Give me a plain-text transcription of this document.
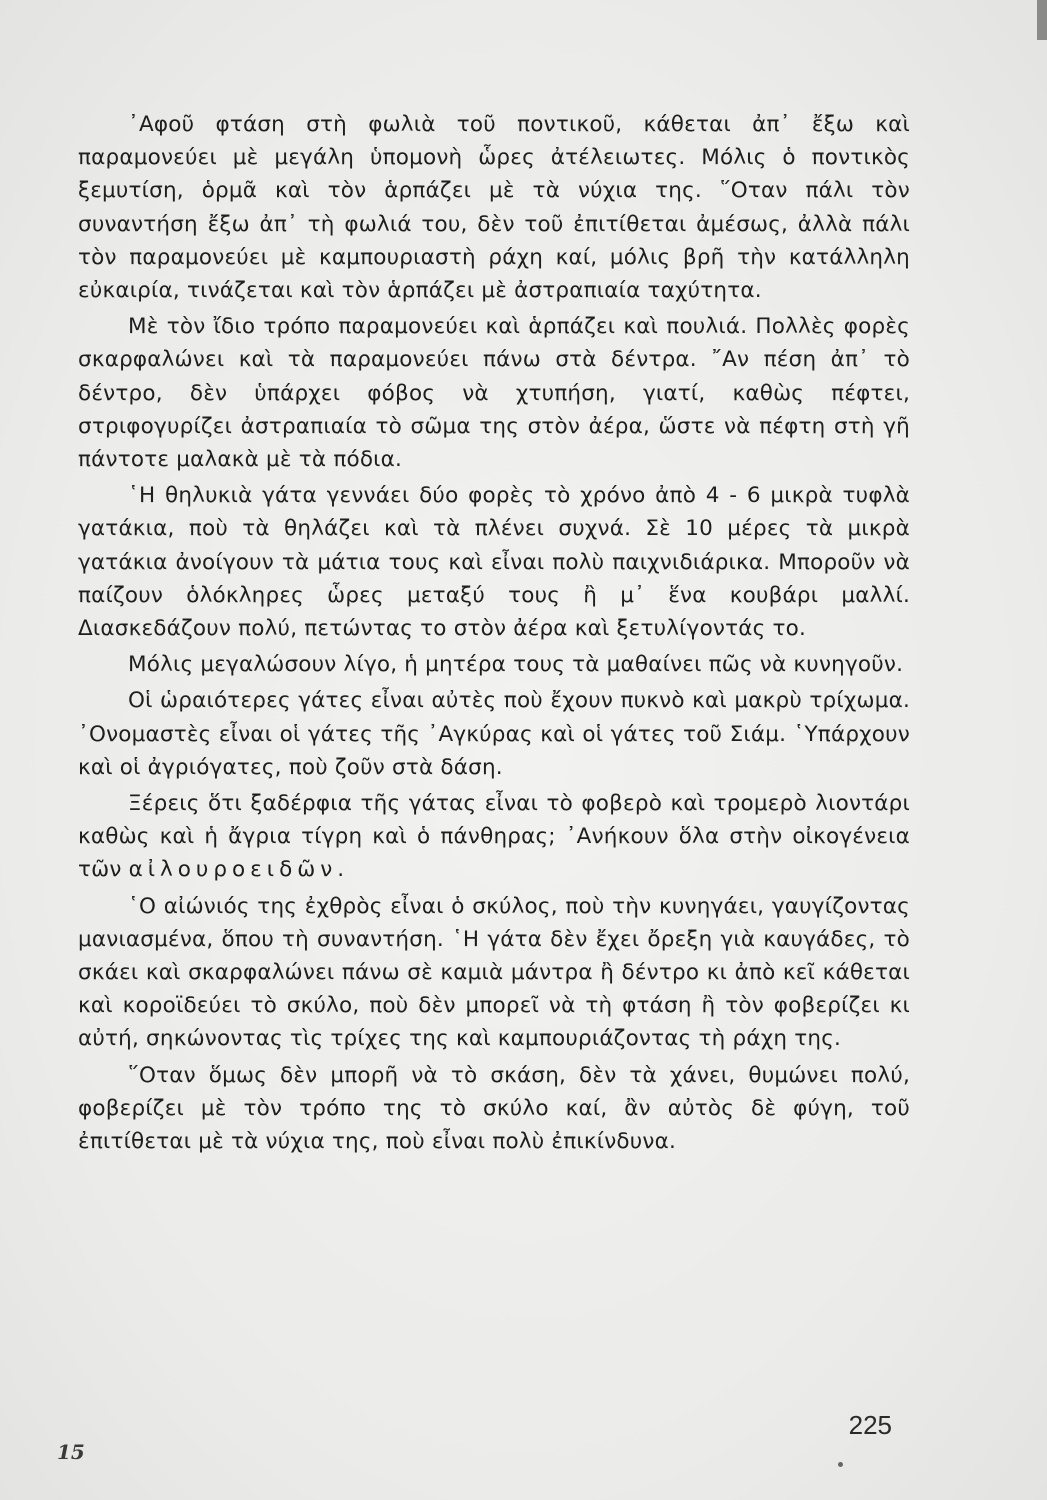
᾿Αφοῦ φτάση στὴ φωλιὰ τοῦ ποντικοῦ, κάθεται ἀπ᾿ ἔξω καὶ παραμονεύει μὲ μεγάλη ὑπομονὴ ὧρες ἀτέλειωτες. Μόλις ὁ ποντικὸς ξεμυτίση, ὁρμᾶ καὶ τὸν ἁρπάζει μὲ τὰ νύχια της. ῞Οταν πάλι τὸν συναντήση ἔξω ἀπ᾿ τὴ φωλιά του, δὲν τοῦ ἐπιτίθεται ἀμέσως, ἀλλὰ πάλι τὸν παραμονεύει μὲ καμπουριαστὴ ράχη καί, μόλις βρῆ τὴν κατάλληλη εὐκαιρία, τινάζεται καὶ τὸν ἁρπάζει μὲ ἀστραπιαία ταχύτητα.

Μὲ τὸν ἴδιο τρόπο παραμονεύει καὶ ἁρπάζει καὶ πουλιά. Πολλὲς φορὲς σκαρφαλώνει καὶ τὰ παραμονεύει πάνω στὰ δέντρα. ῎Αν πέση ἀπ᾿ τὸ δέντρο, δὲν ὑπάρχει φόβος νὰ χτυπήση, γιατί, καθὼς πέφτει, στριφογυρίζει ἀστραπιαία τὸ σῶμα της στὸν ἀέρα, ὥστε νὰ πέφτη στὴ γῆ πάντοτε μαλακὰ μὲ τὰ πόδια.

῾Η θηλυκιὰ γάτα γεννάει δύο φορὲς τὸ χρόνο ἀπὸ 4 - 6 μικρὰ τυφλὰ γατάκια, ποὺ τὰ θηλάζει καὶ τὰ πλένει συχνά. Σὲ 10 μέρες τὰ μικρὰ γατάκια ἀνοίγουν τὰ μάτια τους καὶ εἶναι πολὺ παιχνιδιάρικα. Μποροῦν νὰ παίζουν ὁλόκληρες ὧρες μεταξύ τους ἢ μ᾿ ἕνα κουβάρι μαλλί. Διασκεδάζουν πολύ, πετώντας το στὸν ἀέρα καὶ ξετυλίγοντάς το.

Μόλις μεγαλώσουν λίγο, ἡ μητέρα τους τὰ μαθαίνει πῶς νὰ κυνηγοῦν.

Οἱ ὡραιότερες γάτες εἶναι αὐτὲς ποὺ ἔχουν πυκνὸ καὶ μακρὺ τρίχωμα. ᾿Ονομαστὲς εἶναι οἱ γάτες τῆς ᾿Αγκύρας καὶ οἱ γάτες τοῦ Σιάμ. ῾Υπάρχουν καὶ οἱ ἀγριόγατες, ποὺ ζοῦν στὰ δάση.

Ξέρεις ὅτι ξαδέρφια τῆς γάτας εἶναι τὸ φοβερὸ καὶ τρομερὸ λιοντάρι καθὼς καὶ ἡ ἄγρια τίγρη καὶ ὁ πάνθηρας; ᾿Ανήκουν ὅλα στὴν οἰκογένεια τῶν αἰλουροειδῶν.

῾Ο αἰώνιός της ἐχθρὸς εἶναι ὁ σκύλος, ποὺ τὴν κυνηγάει, γαυγίζοντας μανιασμένα, ὅπου τὴ συναντήση. ῾Η γάτα δὲν ἔχει ὄρεξη γιὰ καυγάδες, τὸ σκάει καὶ σκαρφαλώνει πάνω σὲ καμιὰ μάντρα ἢ δέντρο κι ἀπὸ κεῖ κάθεται καὶ κοροϊδεύει τὸ σκύλο, ποὺ δὲν μπορεῖ νὰ τὴ φτάση ἢ τὸν φοβερίζει κι αὐτή, σηκώνοντας τὶς τρίχες της καὶ καμπουριάζοντας τὴ ράχη της.

῞Οταν ὅμως δὲν μπορῆ νὰ τὸ σκάση, δὲν τὰ χάνει, θυμώνει πολύ, φοβερίζει μὲ τὸν τρόπο της τὸ σκύλο καί, ἂν αὐτὸς δὲ φύγη, τοῦ ἐπιτίθεται μὲ τὰ νύχια της, ποὺ εἶναι πολὺ ἐπικίνδυνα.

225
15
